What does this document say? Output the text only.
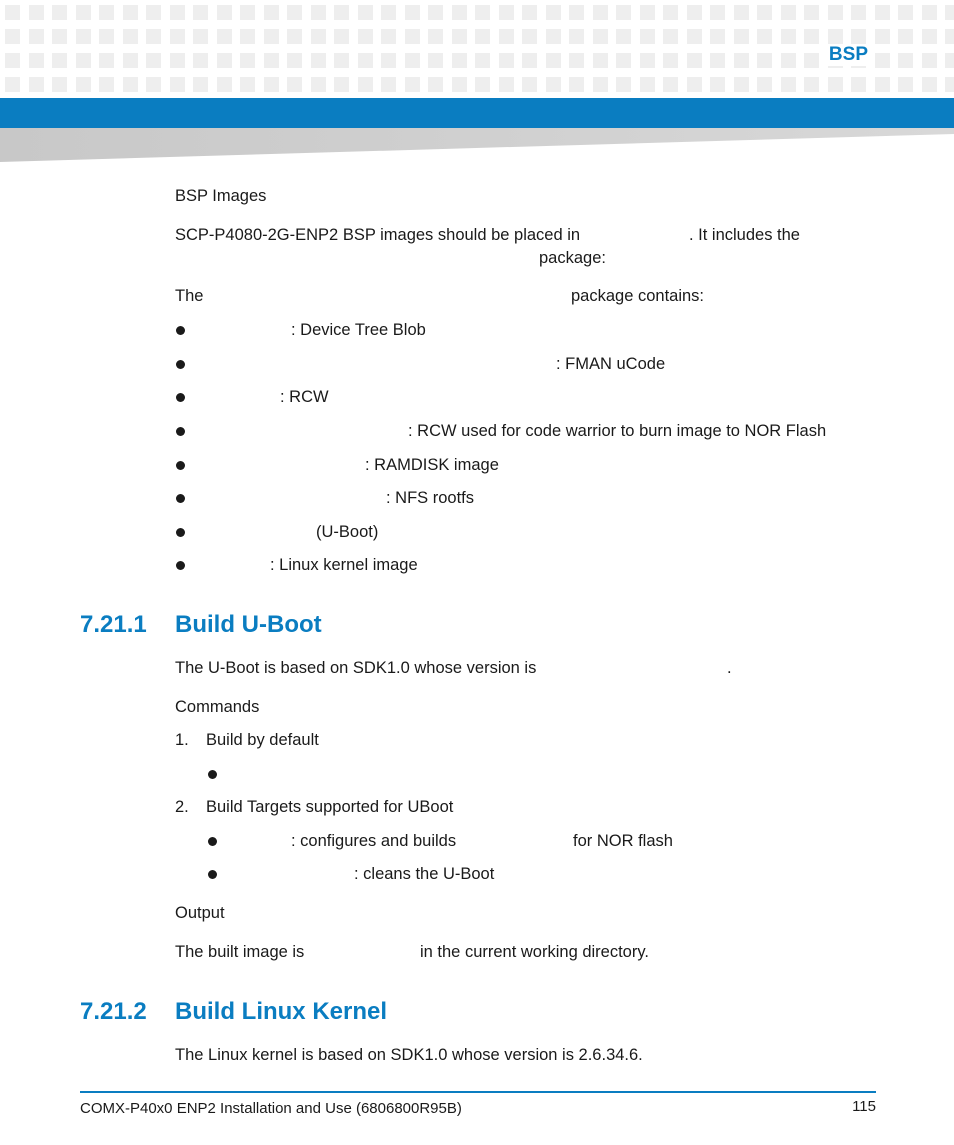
BSP
BSP Images
SCP-P4080-2G-ENP2 BSP images should be placed in	. It includes the
package:
The	package contains:
: Device Tree Blob
: FMAN uCode
: RCW
: RCW used for code warrior to burn image to NOR Flash
: RAMDISK image
: NFS rootfs
(U-Boot)
: Linux kernel image
7.21.1 Build U-Boot
The U-Boot is based on SDK1.0 whose version is	.
Commands
1. Build by default
2. Build Targets supported for UBoot
: configures and builds	for NOR flash
: cleans the U-Boot
Output
The built image is	in the current working directory.
7.21.2 Build Linux Kernel
The Linux kernel is based on SDK1.0 whose version is 2.6.34.6.
COMX-P40x0 ENP2 Installation and Use (6806800R95B)	115
